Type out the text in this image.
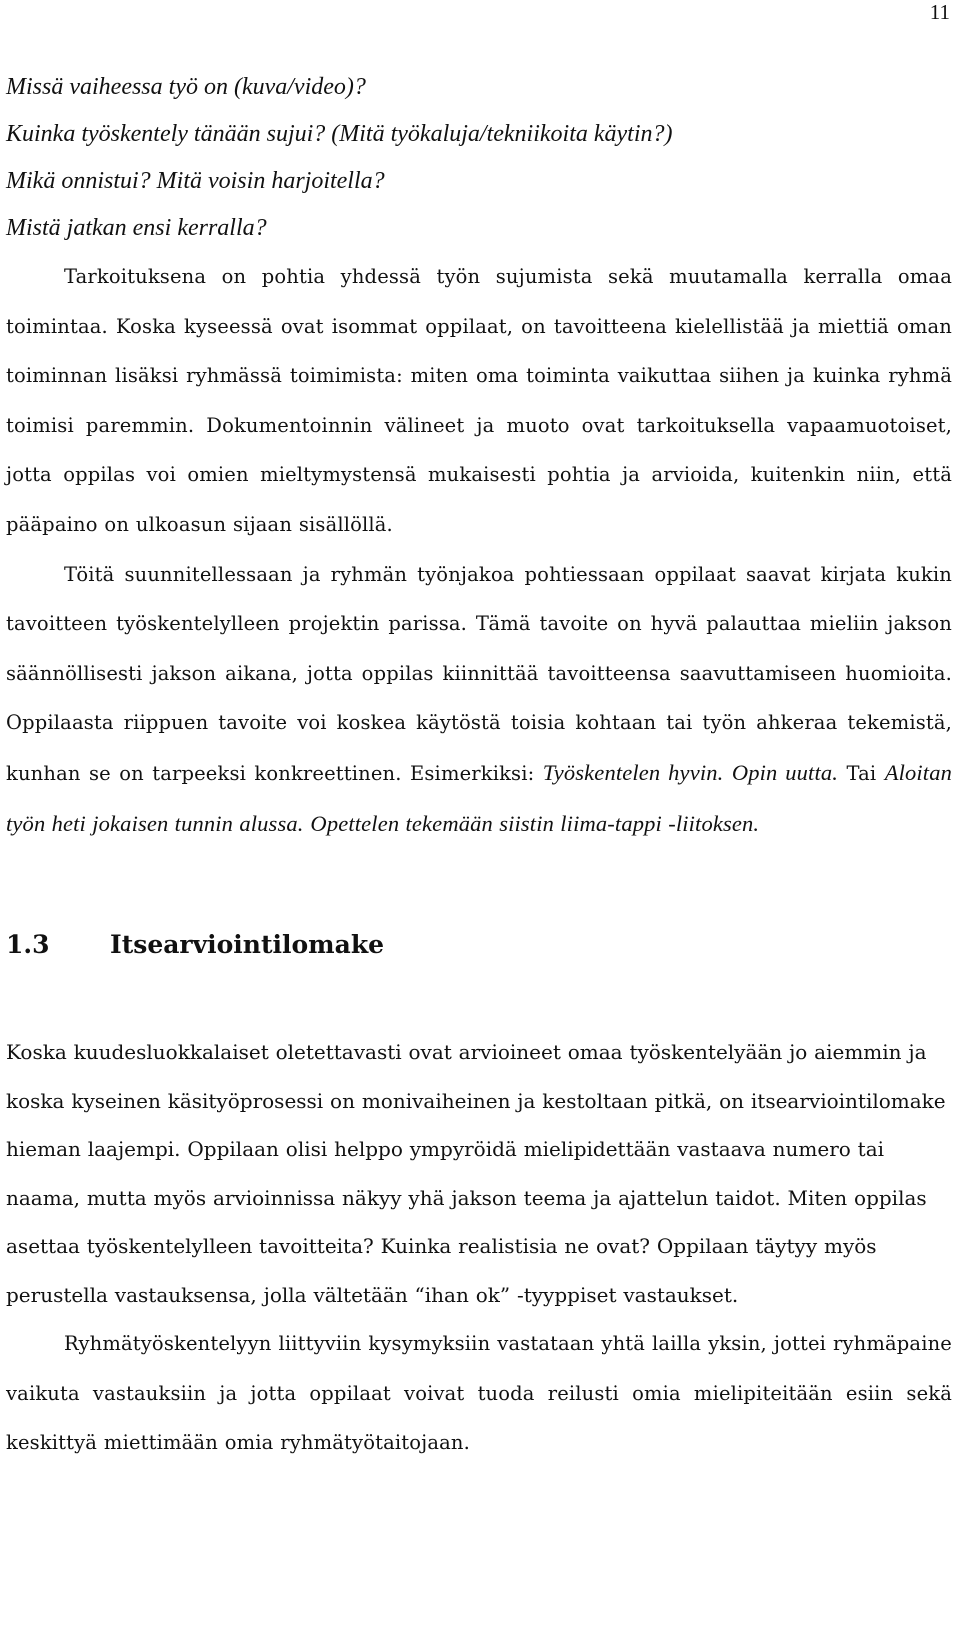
11

Missä vaiheessa työ on (kuva/video)?

Kuinka työskentely tänään sujui? (Mitä työkaluja/tekniikoita käytin?)

Mikä onnistui? Mitä voisin harjoitella?

Mistä jatkan ensi kerralla?

Tarkoituksena on pohtia yhdessä työn sujumista sekä muutamalla kerralla omaa toimintaa. Koska kyseessä ovat isommat oppilaat, on tavoitteena kielellistää ja miettiä oman toiminnan lisäksi ryhmässä toimimista: miten oma toiminta vaikuttaa siihen ja kuinka ryhmä toimisi paremmin. Dokumentoinnin välineet ja muoto ovat tarkoituksella vapaamuotoiset, jotta oppilas voi omien mieltymystensä mukaisesti pohtia ja arvioida, kuitenkin niin, että pääpaino on ulkoasun sijaan sisällöllä.

Töitä suunnitellessaan ja ryhmän työnjakoa pohtiessaan oppilaat saavat kirjata kukin tavoitteen työskentelylleen projektin parissa. Tämä tavoite on hyvä palauttaa mieliin jakson säännöllisesti jakson aikana, jotta oppilas kiinnittää tavoitteensa saavuttamiseen huomioita. Oppilaasta riippuen tavoite voi koskea käytöstä toisia kohtaan tai työn ahkeraa tekemistä, kunhan se on tarpeeksi konkreettinen. Esimerkiksi: Työskentelen hyvin. Opin uutta. Tai Aloitan työn heti jokaisen tunnin alussa. Opettelen tekemään siistin liima-tappi -liitoksen.

1.3 Itsearviointilomake

Koska kuudesluokkalaiset oletettavasti ovat arvioineet omaa työskentelyään jo aiemmin ja koska kyseinen käsityöprosessi on monivaiheinen ja kestoltaan pitkä, on itsearviointilomake hieman laajempi. Oppilaan olisi helppo ympyröidä mielipidettään vastaava numero tai naama, mutta myös arvioinnissa näkyy yhä jakson teema ja ajattelun taidot. Miten oppilas asettaa työskentelylleen tavoitteita? Kuinka realistisia ne ovat? Oppilaan täytyy myös perustella vastauksensa, jolla vältetään “ihan ok” -tyyppiset vastaukset.

Ryhmätyöskentelyyn liittyviin kysymyksiin vastataan yhtä lailla yksin, jottei ryhmäpaine vaikuta vastauksiin ja jotta oppilaat voivat tuoda reilusti omia mielipiteitään esiin sekä keskittyä miettimään omia ryhmätyötaitojaan.
